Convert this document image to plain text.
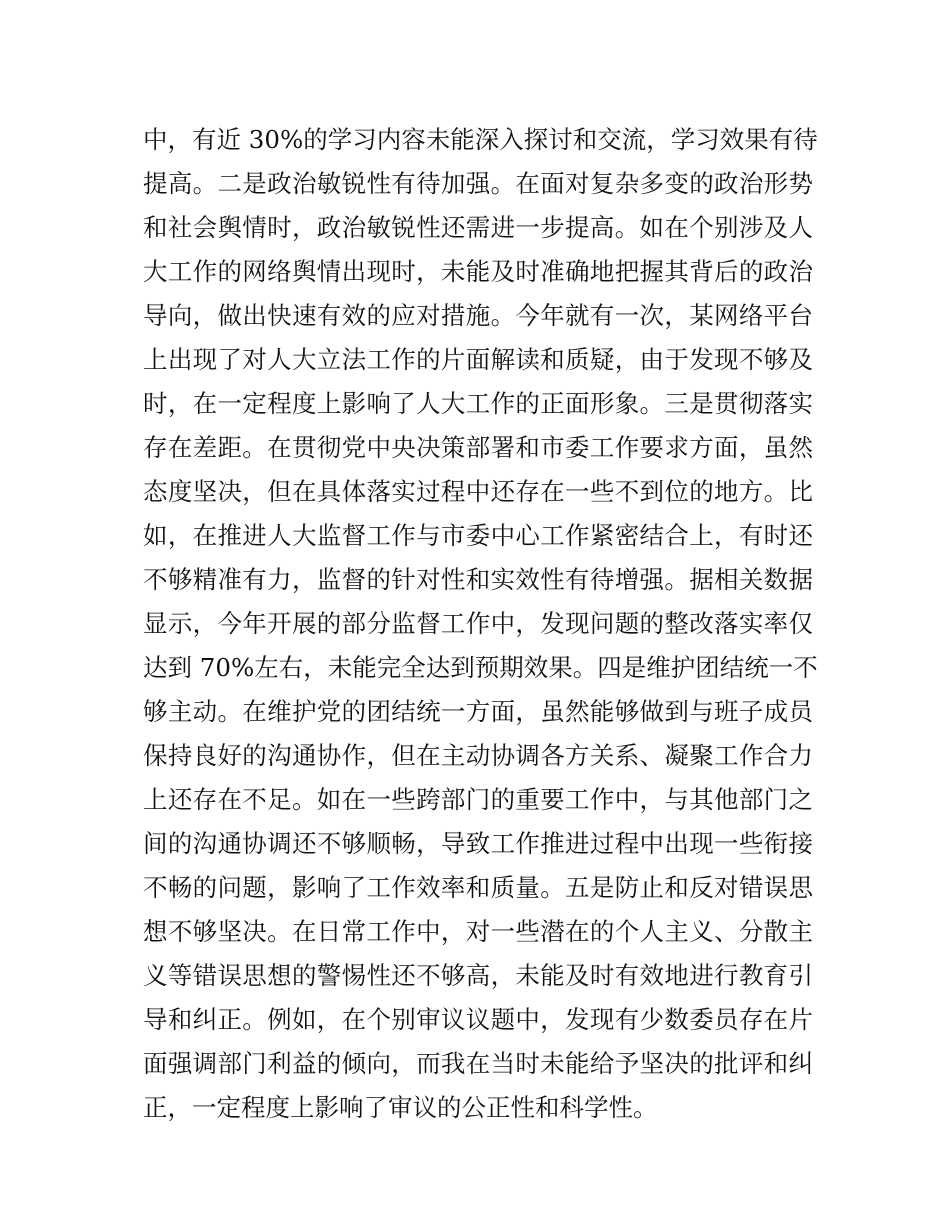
中，有近 30%的学习内容未能深入探讨和交流，学习效果有待
提高。二是政治敏锐性有待加强。在面对复杂多变的政治形势
和社会舆情时，政治敏锐性还需进一步提高。如在个别涉及人
大工作的网络舆情出现时，未能及时准确地把握其背后的政治
导向，做出快速有效的应对措施。今年就有一次，某网络平台
上出现了对人大立法工作的片面解读和质疑，由于发现不够及
时，在一定程度上影响了人大工作的正面形象。三是贯彻落实
存在差距。在贯彻党中央决策部署和市委工作要求方面，虽然
态度坚决，但在具体落实过程中还存在一些不到位的地方。比
如，在推进人大监督工作与市委中心工作紧密结合上，有时还
不够精准有力，监督的针对性和实效性有待增强。据相关数据
显示，今年开展的部分监督工作中，发现问题的整改落实率仅
达到 70%左右，未能完全达到预期效果。四是维护团结统一不
够主动。在维护党的团结统一方面，虽然能够做到与班子成员
保持良好的沟通协作，但在主动协调各方关系、凝聚工作合力
上还存在不足。如在一些跨部门的重要工作中，与其他部门之
间的沟通协调还不够顺畅，导致工作推进过程中出现一些衔接
不畅的问题，影响了工作效率和质量。五是防止和反对错误思
想不够坚决。在日常工作中，对一些潜在的个人主义、分散主
义等错误思想的警惕性还不够高，未能及时有效地进行教育引
导和纠正。例如，在个别审议议题中，发现有少数委员存在片
面强调部门利益的倾向，而我在当时未能给予坚决的批评和纠
正，一定程度上影响了审议的公正性和科学性。
